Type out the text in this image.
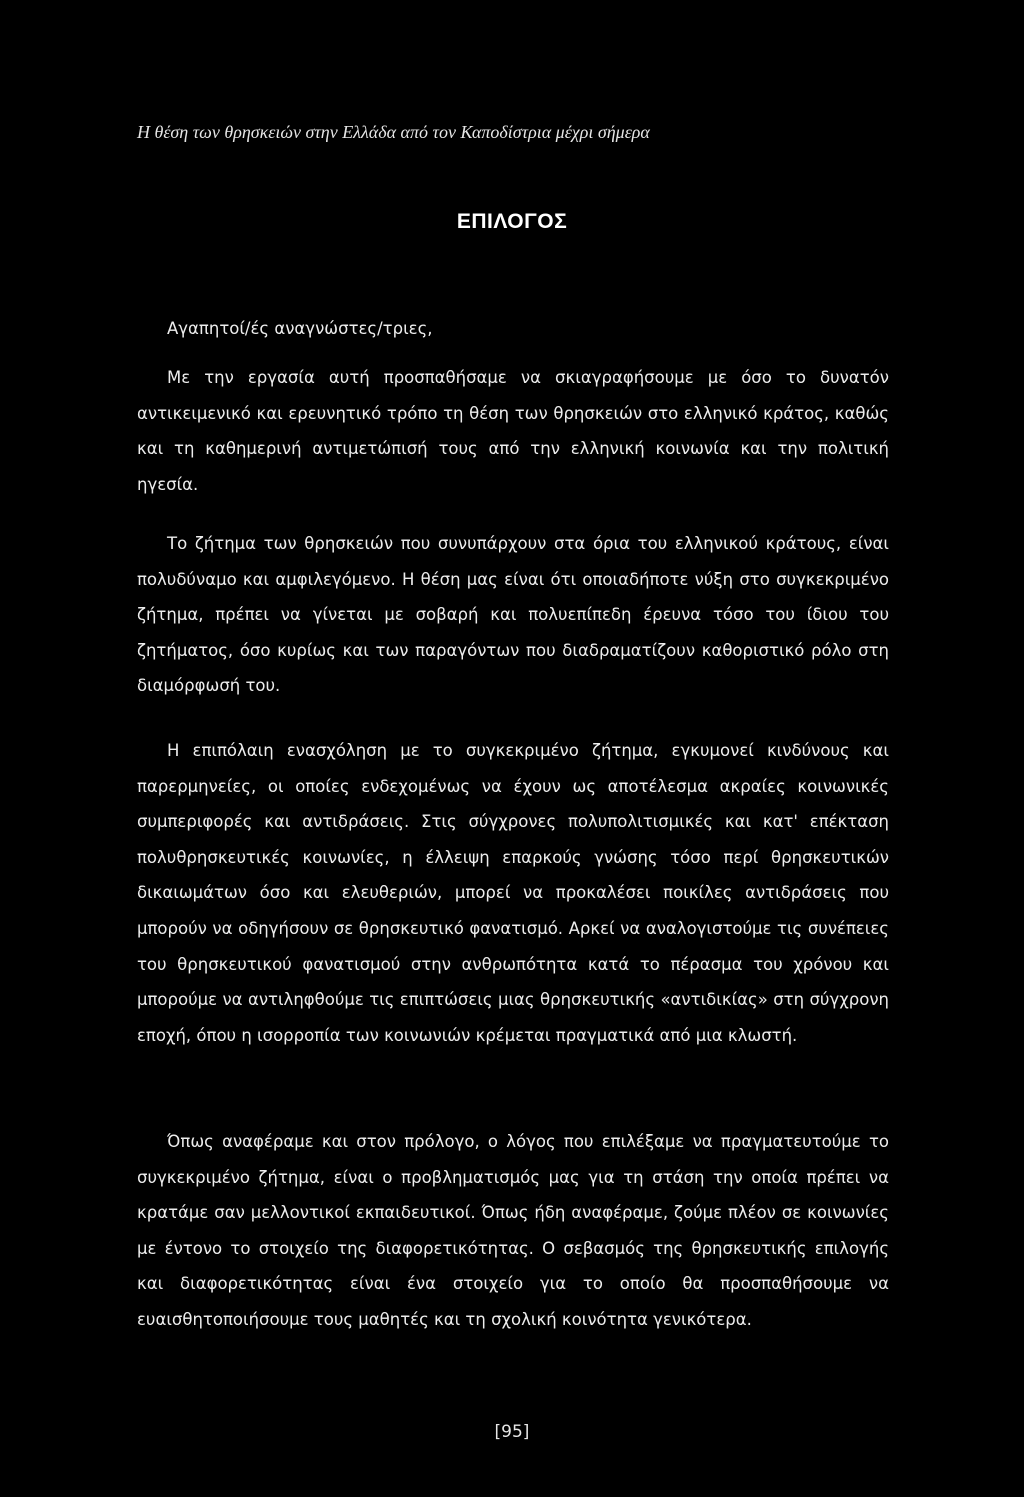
Η θέση των θρησκειών στην Ελλάδα από τον Καποδίστρια μέχρι σήμερα
ΕΠΙΛΟΓΟΣ
Αγαπητοί/ές αναγνώστες/τριες,

Με την εργασία αυτή προσπαθήσαμε να σκιαγραφήσουμε με όσο το δυνατόν αντικειμενικό και ερευνητικό τρόπο τη θέση των θρησκειών στο ελληνικό κράτος, καθώς και τη καθημερινή αντιμετώπισή τους από την ελληνική κοινωνία και την πολιτική ηγεσία.

Το ζήτημα των θρησκειών που συνυπάρχουν στα όρια του ελληνικού κράτους, είναι πολυδύναμο και αμφιλεγόμενο. Η θέση μας είναι ότι οποιαδήποτε νύξη στο συγκεκριμένο ζήτημα, πρέπει να γίνεται με σοβαρή και πολυεπίπεδη έρευνα τόσο του ίδιου του ζητήματος, όσο κυρίως και των παραγόντων που διαδραματίζουν καθοριστικό ρόλο στη διαμόρφωσή του.

Η επιπόλαιη ενασχόληση με το συγκεκριμένο ζήτημα, εγκυμονεί κινδύνους και παρερμηνείες, οι οποίες ενδεχομένως να έχουν ως αποτέλεσμα ακραίες κοινωνικές συμπεριφορές και αντιδράσεις. Στις σύγχρονες πολυπολιτισμικές και κατ' επέκταση πολυθρησκευτικές κοινωνίες, η έλλειψη επαρκούς γνώσης τόσο περί θρησκευτικών δικαιωμάτων όσο και ελευθεριών, μπορεί να προκαλέσει ποικίλες αντιδράσεις που μπορούν να οδηγήσουν σε θρησκευτικό φανατισμό. Αρκεί να αναλογιστούμε τις συνέπειες του θρησκευτικού φανατισμού στην ανθρωπότητα κατά το πέρασμα του χρόνου και μπορούμε να αντιληφθούμε τις επιπτώσεις μιας θρησκευτικής «αντιδικίας» στη σύγχρονη εποχή, όπου η ισορροπία των κοινωνιών κρέμεται πραγματικά από μια κλωστή.

Όπως αναφέραμε και στον πρόλογο, ο λόγος που επιλέξαμε να πραγματευτούμε το συγκεκριμένο ζήτημα, είναι ο προβληματισμός μας για τη στάση την οποία πρέπει να κρατάμε σαν μελλοντικοί εκπαιδευτικοί. Όπως ήδη αναφέραμε, ζούμε πλέον σε κοινωνίες με έντονο το στοιχείο της διαφορετικότητας. Ο σεβασμός της θρησκευτικής επιλογής και διαφορετικότητας είναι ένα στοιχείο για το οποίο θα προσπαθήσουμε να ευαισθητοποιήσουμε τους μαθητές και τη σχολική κοινότητα γενικότερα.

[95]
